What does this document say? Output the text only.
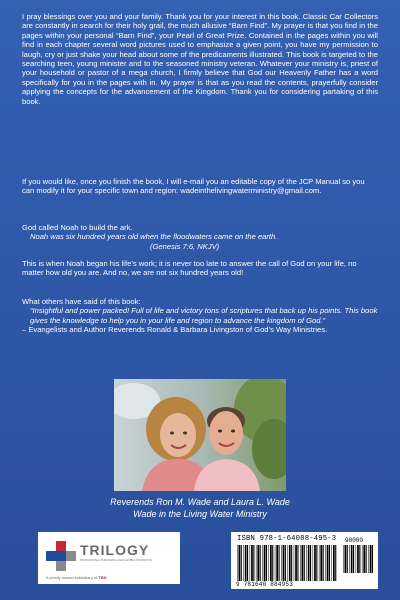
I pray blessings over you and your family. Thank you for your interest in this book. Classic Car Collectors are constantly in search for their holy grail, the much allusive “Barn Find”. My prayer is that you find in the pages within your personal “Barn Find”, your Pearl of Great Prize. Contained in the pages within you will find in each chapter several word pictures used to emphasize a given point, you have my permission to laugh, cry or just shake your head about some of the predicaments illustrated. This book is targeted to the searching teen, young minister and to the seasoned ministry veteran. Whatever your ministry is, priest of your household or pastor of a mega church, I firmly believe that God our Heavenly Father has a word specifically for you in the pages with in. My prayer is that as you read the contents, prayerfully consider applying the concepts for the advancement of the Kingdom. Thank you for considering partaking of this book.

If you would like, once you finish the book, I will e-mail you an editable copy of the JCP Manual so you can modify it for your specific town and region: wadeinthelivingwaterministry@gmail.com.

God called Noah to build the ark.
Noah was six hundred years old when the floodwaters came on the earth.
(Genesis 7:6, NKJV)

This is when Noah began his life’s work; it is never too late to answer the call of God on your life, no matter how old you are. And no, we are not six hundred years old!

What others have said of this book:
“Insightful and power packed! Full of life and victory tons of scriptures that back up his points. This book gives the knowledge to help you in your life and region to advance the kingdom of God.”
– Evangelists and Author Reverends Ronald & Barbara Livingston of God’s Way Ministries.

Reverends Ron M. Wade and Laura L. Wade

Wade in the Living Water Ministry

TRILOGY
PROFESSIONAL PUBLISHING AND FLEXIBLE PROMOTION
A wholly owned subsidiary of TBN
ISBN 978-1-64088-495-3 90000
9 781640 884953
